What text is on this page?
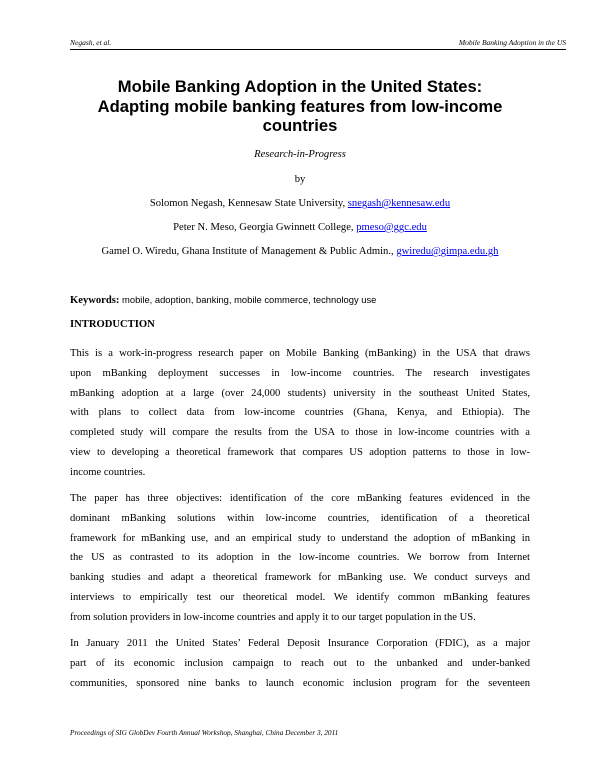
Negash, et al.	Mobile Banking Adoption in the US
Mobile Banking Adoption in the United States:
Adapting mobile banking features from low-income
countries
Research-in-Progress
by
Solomon Negash, Kennesaw State University, snegash@kennesaw.edu
Peter N. Meso, Georgia Gwinnett College, pmeso@ggc.edu
Gamel O. Wiredu, Ghana Institute of Management & Public Admin., gwiredu@gimpa.edu.gh
Keywords: mobile, adoption, banking, mobile commerce, technology use
INTRODUCTION
This is a work-in-progress research paper on Mobile Banking (mBanking) in the USA that draws
upon mBanking deployment successes in low-income countries. The research investigates
mBanking adoption at a large (over 24,000 students) university in the southeast United States,
with plans to collect data from low-income countries (Ghana, Kenya, and Ethiopia). The
completed study will compare the results from the USA to those in low-income countries with a
view to developing a theoretical framework that compares US adoption patterns to those in low-
income countries.
The paper has three objectives: identification of the core mBanking features evidenced in the
dominant mBanking solutions within low-income countries, identification of a theoretical
framework for mBanking use, and an empirical study to understand the adoption of mBanking in
the US as contrasted to its adoption in the low-income countries. We borrow from Internet
banking studies and adapt a theoretical framework for mBanking use. We conduct surveys and
interviews to empirically test our theoretical model. We identify common mBanking features
from solution providers in low-income countries and apply it to our target population in the US.
In January 2011 the United States’ Federal Deposit Insurance Corporation (FDIC), as a major
part of its economic inclusion campaign to reach out to the unbanked and under-banked
communities, sponsored nine banks to launch economic inclusion program for the seventeen
Proceedings of SIG GlobDev Fourth Annual Workshop, Shanghai, China December 3, 2011
